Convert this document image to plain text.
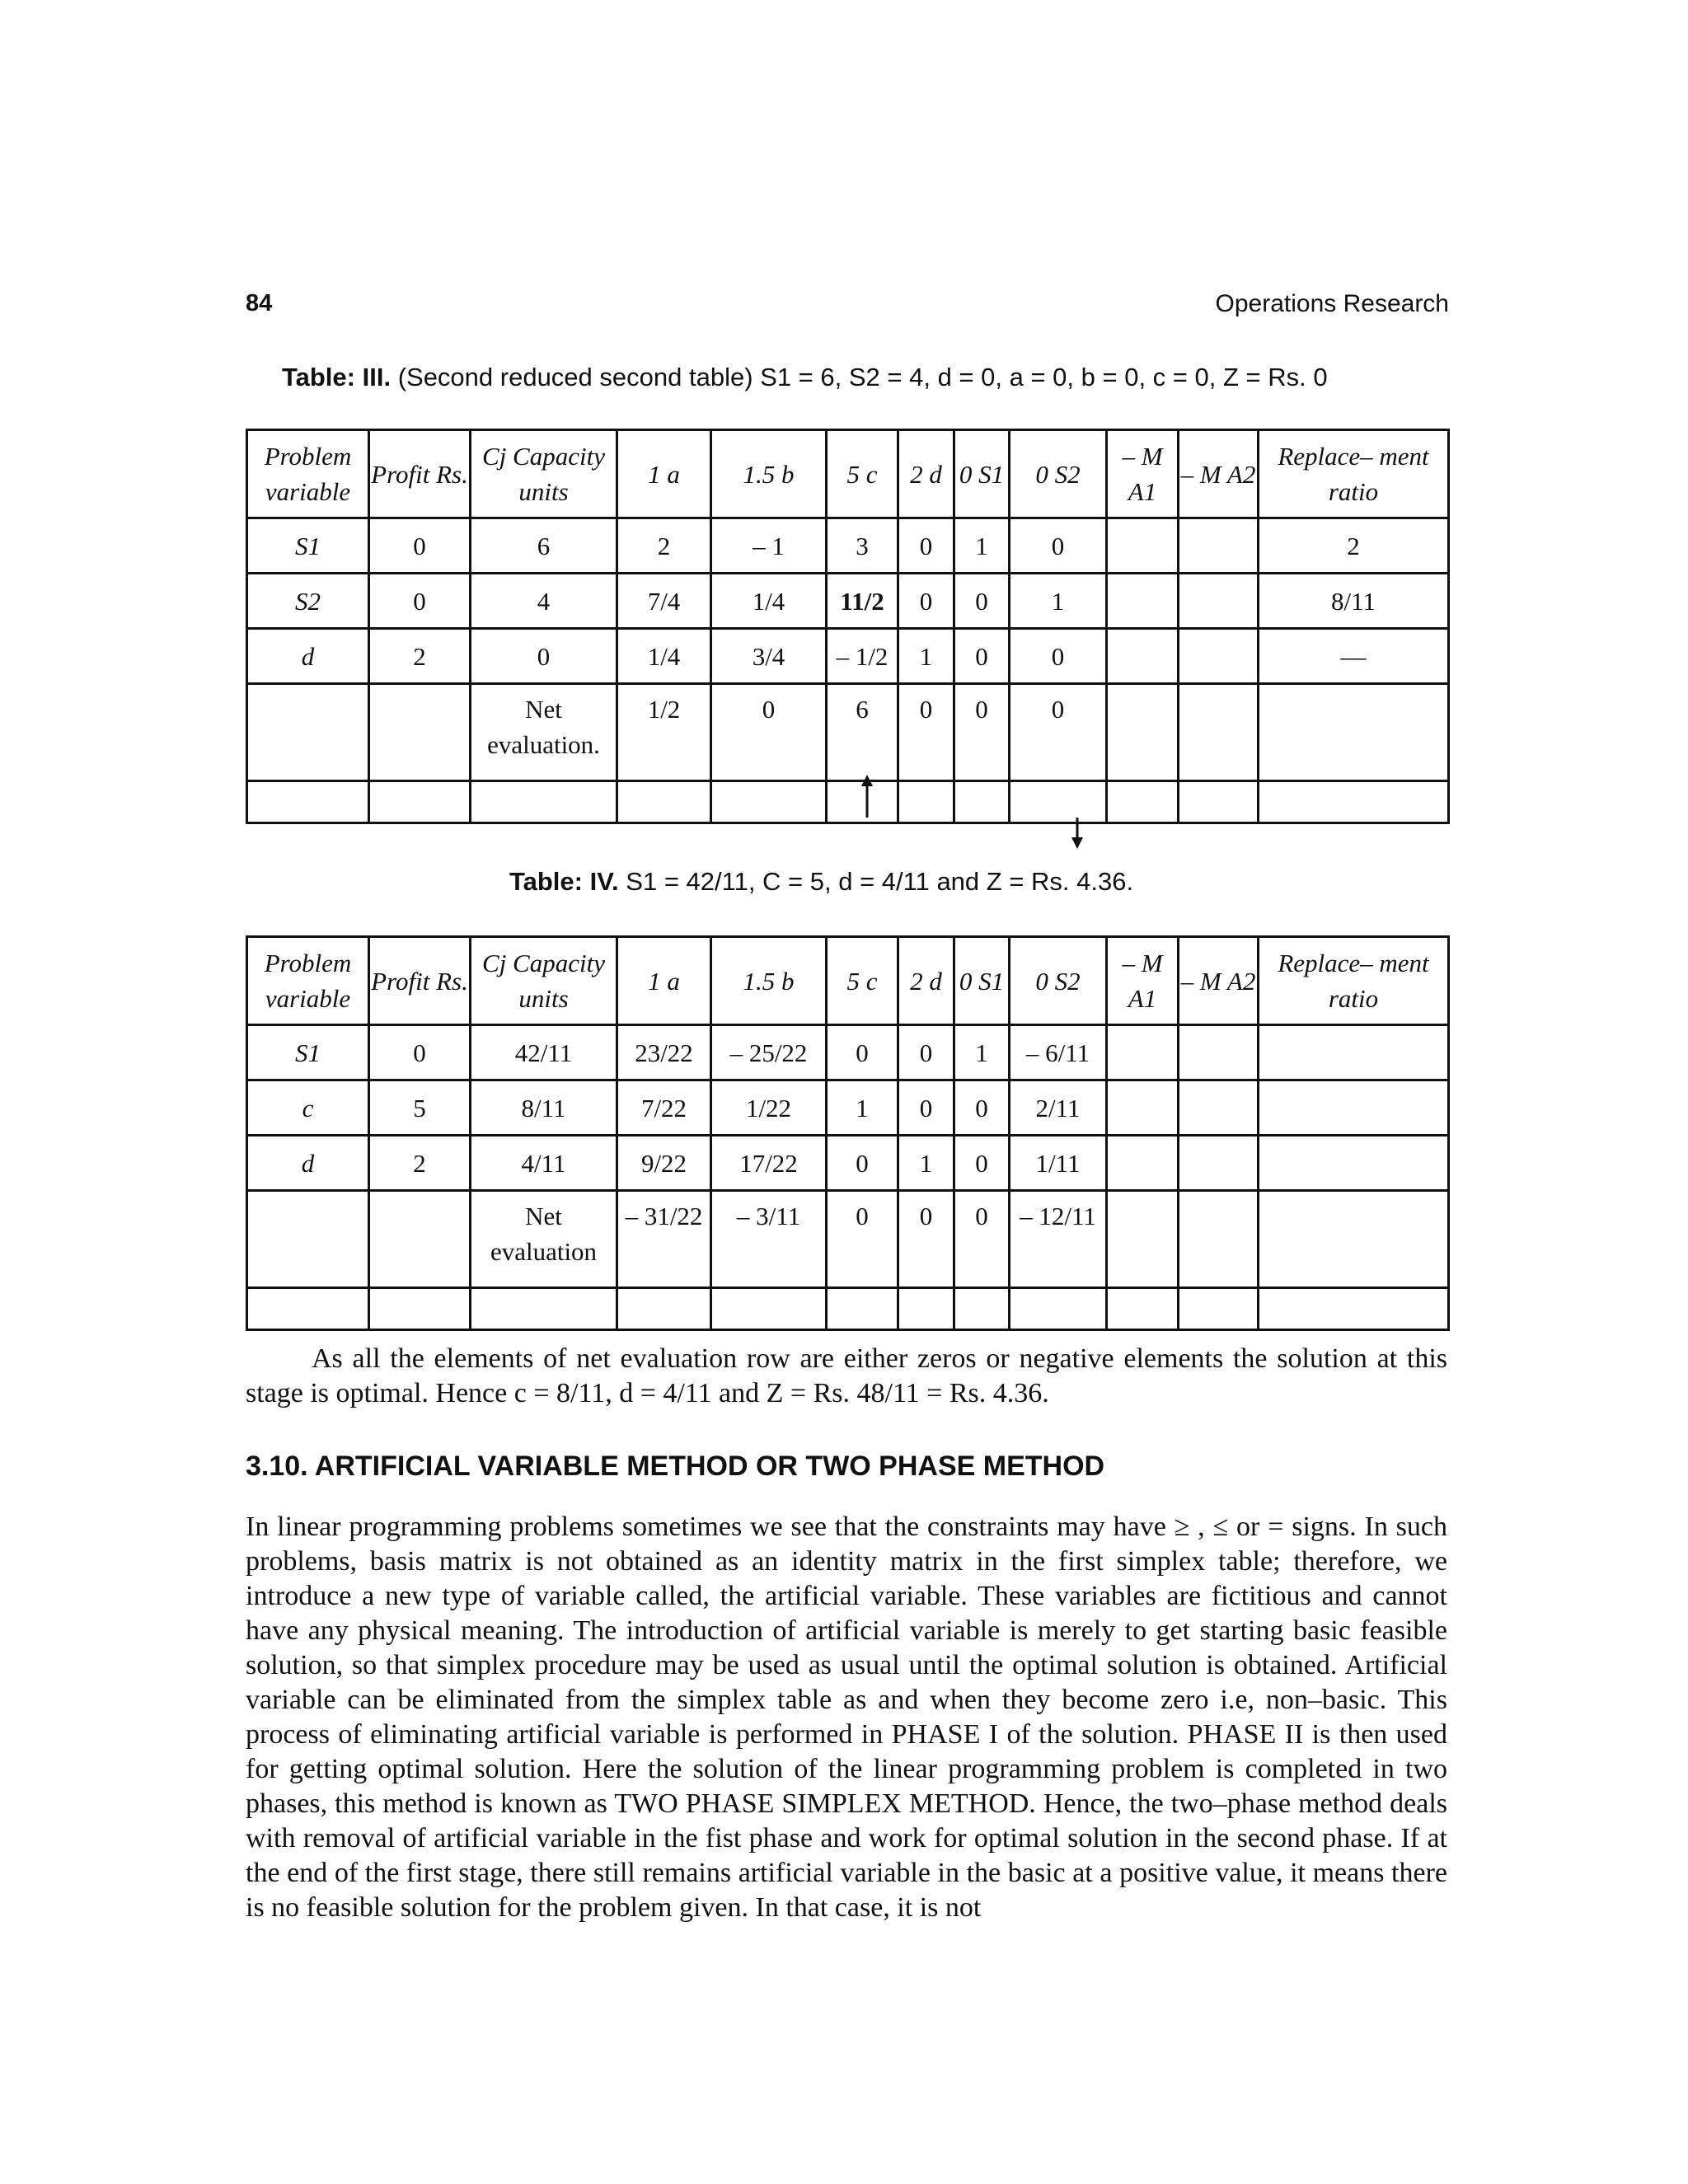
84	Operations Research
Table: III. (Second reduced second table) S1 = 6, S2 = 4, d = 0, a = 0, b = 0, c = 0, Z = Rs. 0
Problem variable	Profit Rs.	Cj Capacity units	1 a	1.5 b	5 c	2 d	0 S1	0 S2	– M A1	– M A2	Replace– ment ratio
S1	0	6	2	– 1	3	0	1	0			2
S2	0	4	7/4	1/4	11/2	0	0	1			8/11
d	2	0	1/4	3/4	– 1/2	1	0	0			—
		Net evaluation.	1/2	0	6	0	0	0			

Table: IV. S1 = 42/11, C = 5, d = 4/11 and Z = Rs. 4.36.
Problem variable	Profit Rs.	Cj Capacity units	1 a	1.5 b	5 c	2 d	0 S1	0 S2	– M A1	– M A2	Replace– ment ratio
S1	0	42/11	23/22	– 25/22	0	0	1	– 6/11			
c	5	8/11	7/22	1/22	1	0	0	2/11			
d	2	4/11	9/22	17/22	0	1	0	1/11			
		Net evaluation	– 31/22	– 3/11	0	0	0	– 12/11			

As all the elements of net evaluation row are either zeros or negative elements the solution at this stage is optimal. Hence c = 8/11, d = 4/11 and Z = Rs. 48/11 = Rs. 4.36.

3.10. ARTIFICIAL VARIABLE METHOD OR TWO PHASE METHOD

In linear programming problems sometimes we see that the constraints may have ≥ , ≤ or = signs. In such problems, basis matrix is not obtained as an identity matrix in the first simplex table; therefore, we introduce a new type of variable called, the artificial variable. These variables are fictitious and cannot have any physical meaning. The introduction of artificial variable is merely to get starting basic feasible solution, so that simplex procedure may be used as usual until the optimal solution is obtained. Artificial variable can be eliminated from the simplex table as and when they become zero i.e, non–basic. This process of eliminating artificial variable is performed in PHASE I of the solution. PHASE II is then used for getting optimal solution. Here the solution of the linear programming problem is completed in two phases, this method is known as TWO PHASE SIMPLEX METHOD. Hence, the two–phase method deals with removal of artificial variable in the fist phase and work for optimal solution in the second phase. If at the end of the first stage, there still remains artificial variable in the basic at a positive value, it means there is no feasible solution for the problem given. In that case, it is not
